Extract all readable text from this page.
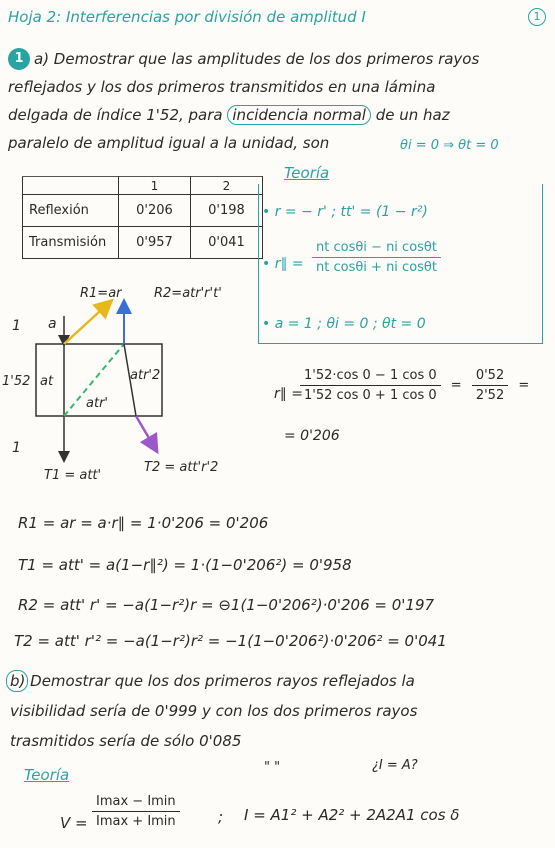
Hoja 2: Interferencias por división de amplitud I	1
1 a) Demostrar que las amplitudes de los dos primeros rayos
reflejados y los dos primeros transmitidos en una lámina
delgada de índice 1'52, para incidencia normal de un haz
paralelo de amplitud igual a la unidad, son	θi = 0 ⇒ θt = 0
	1	2
Reflexión	0'206	0'198
Transmisión	0'957	0'041
Teoría
• r = − r' ; tt' = (1 − r²)
• r∥ = $\frac{\text{nt cosθi − ni cosθt}}{\text{nt cosθi + ni cosθt}}$
• a = 1 ; θi = 0 ; θt = 0
R1=ar R2=atr'r't'
1 a
1'52 at	atr'2
atr'
1
T1 = att'
T2 = att'r'2
r∥ =
$\frac{1'52\cdot\cos 0 - 1 \cos 0}{1'52 \cos 0 + 1 \cos 0} = \frac{0'52}{2'52}$ =
= 0'206
R1 = ar = a·r∥ = 1·0'206 = 0'206
T1 = att' = a(1−r∥²) = 1·(1−0'206²) = 0'958
R2 = att' r' = −a(1−r²)r = ⊖1(1−0'206²)·0'206 = 0'197
T2 = att' r'² = −a(1−r²)r² = −1(1−0'206²)·0'206² = 0'041
b) Demostrar que los dos primeros rayos reflejados la
visibilidad sería de 0'999 y con los dos primeros rayos
trasmitidos sería de sólo 0'085
Teoría	" "	¿I = A?
$V = \frac{Imax - Imin}{Imax + Imin}$	; I = A1² + A2² + 2A2A1 cos δ
